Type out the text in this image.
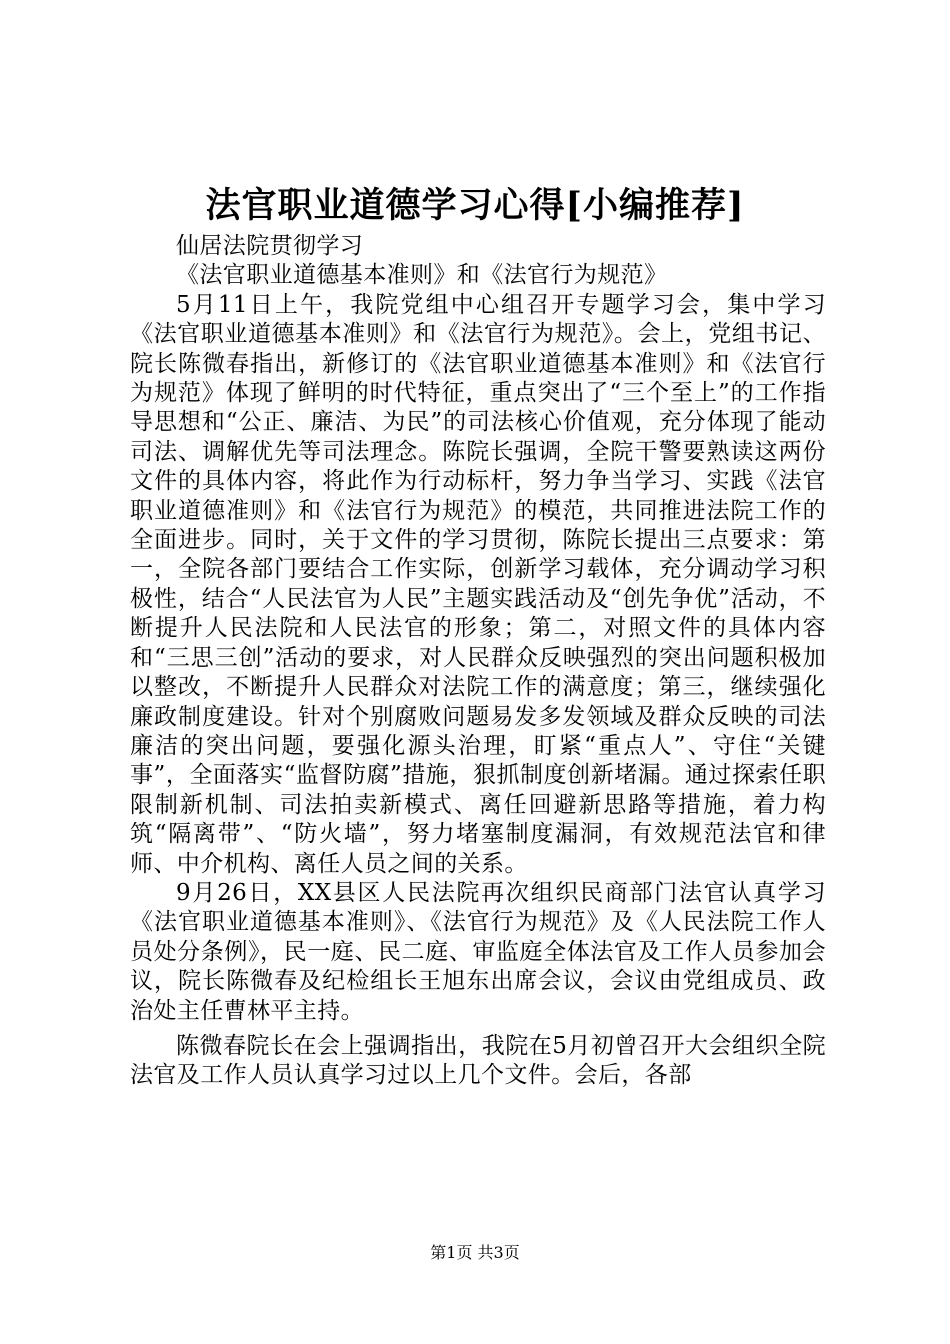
法官职业道德学习心得[小编推荐]

仙居法院贯彻学习

《法官职业道德基本准则》和《法官行为规范》

5月11日上午，我院党组中心组召开专题学习会，集中学习《法官职业道德基本准则》和《法官行为规范》。会上，党组书记、院长陈微春指出，新修订的《法官职业道德基本准则》和《法官行为规范》体现了鲜明的时代特征，重点突出了“三个至上”的工作指导思想和“公正、廉洁、为民”的司法核心价值观，充分体现了能动司法、调解优先等司法理念。陈院长强调，全院干警要熟读这两份文件的具体内容，将此作为行动标杆，努力争当学习、实践《法官职业道德准则》和《法官行为规范》的模范，共同推进法院工作的全面进步。同时，关于文件的学习贯彻，陈院长提出三点要求：第一，全院各部门要结合工作实际，创新学习载体，充分调动学习积极性，结合“人民法官为人民”主题实践活动及“创先争优”活动，不断提升人民法院和人民法官的形象；第二，对照文件的具体内容和“三思三创”活动的要求，对人民群众反映强烈的突出问题积极加以整改，不断提升人民群众对法院工作的满意度；第三，继续强化廉政制度建设。针对个别腐败问题易发多发领域及群众反映的司法廉洁的突出问题，要强化源头治理，盯紧“重点人”、守住“关键事”，全面落实“监督防腐”措施，狠抓制度创新堵漏。通过探索任职限制新机制、司法拍卖新模式、离任回避新思路等措施，着力构筑“隔离带”、“防火墙”，努力堵塞制度漏洞，有效规范法官和律师、中介机构、离任人员之间的关系。

9月26日，XX县区人民法院再次组织民商部门法官认真学习《法官职业道德基本准则》、《法官行为规范》及《人民法院工作人员处分条例》，民一庭、民二庭、审监庭全体法官及工作人员参加会议，院长陈微春及纪检组长王旭东出席会议，会议由党组成员、政治处主任曹林平主持。

陈微春院长在会上强调指出，我院在5月初曾召开大会组织全院法官及工作人员认真学习过以上几个文件。会后，各部

第1页 共3页
